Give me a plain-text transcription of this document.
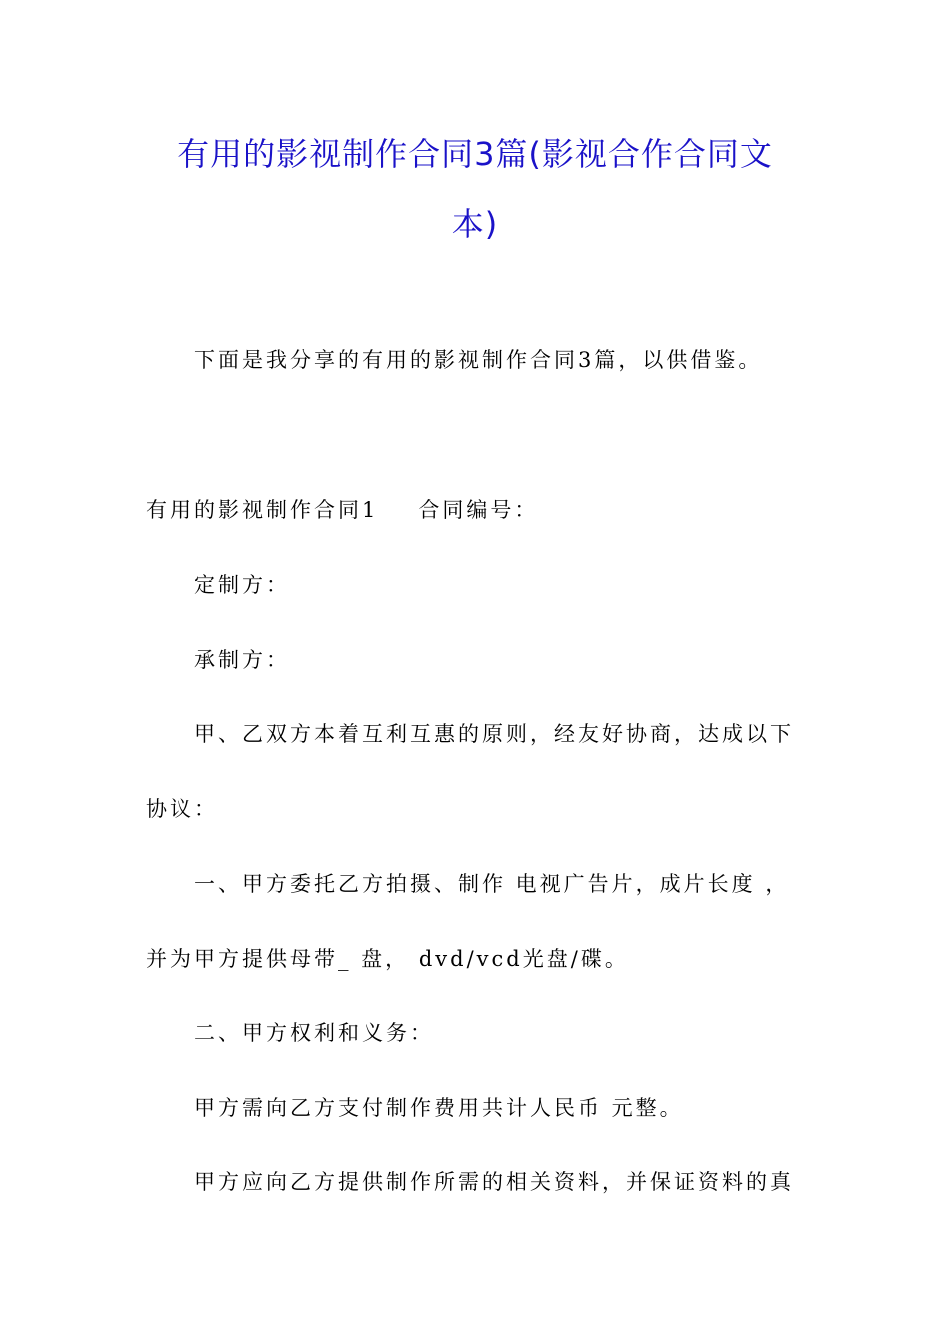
有用的影视制作合同3篇(影视合作合同文
本)
下面是我分享的有用的影视制作合同3篇，以供借鉴。
有用的影视制作合同1 合同编号：
定制方：
承制方：
甲、乙双方本着互利互惠的原则，经友好协商，达成以下
协议：
一、甲方委托乙方拍摄、制作 电视广告片，成片长度 ，
并为甲方提供母带_ 盘， dvd/vcd光盘/碟。
二、甲方权利和义务：
甲方需向乙方支付制作费用共计人民币 元整。
甲方应向乙方提供制作所需的相关资料，并保证资料的真
